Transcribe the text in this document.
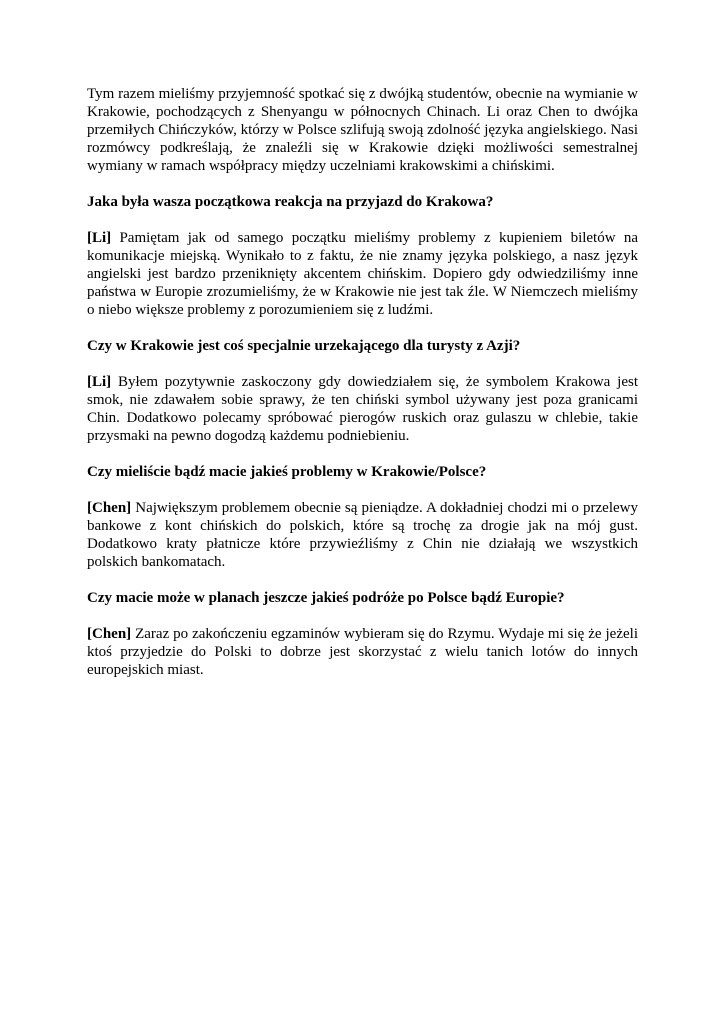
Tym razem mieliśmy przyjemność spotkać się z dwójką studentów, obecnie na wymianie w Krakowie, pochodzących z Shenyangu w północnych Chinach. Li oraz Chen to dwójka przemiłych Chińczyków, którzy w Polsce szlifują swoją zdolność języka angielskiego. Nasi rozmówcy podkreślają, że znaleźli się w Krakowie dzięki możliwości semestralnej wymiany w ramach współpracy między uczelniami krakowskimi a chińskimi.

Jaka była wasza początkowa reakcja na przyjazd do Krakowa?

[Li] Pamiętam jak od samego początku mieliśmy problemy z kupieniem biletów na komunikacje miejską. Wynikało to z faktu, że nie znamy języka polskiego, a nasz język angielski jest bardzo przeniknięty akcentem chińskim. Dopiero gdy odwiedziliśmy inne państwa w Europie zrozumieliśmy, że w Krakowie nie jest tak źle. W Niemczech mieliśmy o niebo większe problemy z porozumieniem się z ludźmi.

Czy w Krakowie jest coś specjalnie urzekającego dla turysty z Azji?

[Li] Byłem pozytywnie zaskoczony gdy dowiedziałem się, że symbolem Krakowa jest smok, nie zdawałem sobie sprawy, że ten chiński symbol używany jest poza granicami Chin. Dodatkowo polecamy spróbować pierogów ruskich oraz gulaszu w chlebie, takie przysmaki na pewno dogodzą każdemu podniebieniu.

Czy mieliście bądź macie jakieś problemy w Krakowie/Polsce?

[Chen] Największym problemem obecnie są pieniądze. A dokładniej chodzi mi o przelewy bankowe z kont chińskich do polskich, które są trochę za drogie jak na mój gust. Dodatkowo kraty płatnicze które przywieźliśmy z Chin nie działają we wszystkich polskich bankomatach.

Czy macie może w planach jeszcze jakieś podróże po Polsce bądź Europie?

[Chen] Zaraz po zakończeniu egzaminów wybieram się do Rzymu. Wydaje mi się że jeżeli ktoś przyjedzie do Polski to dobrze jest skorzystać z wielu tanich lotów do innych europejskich miast.
